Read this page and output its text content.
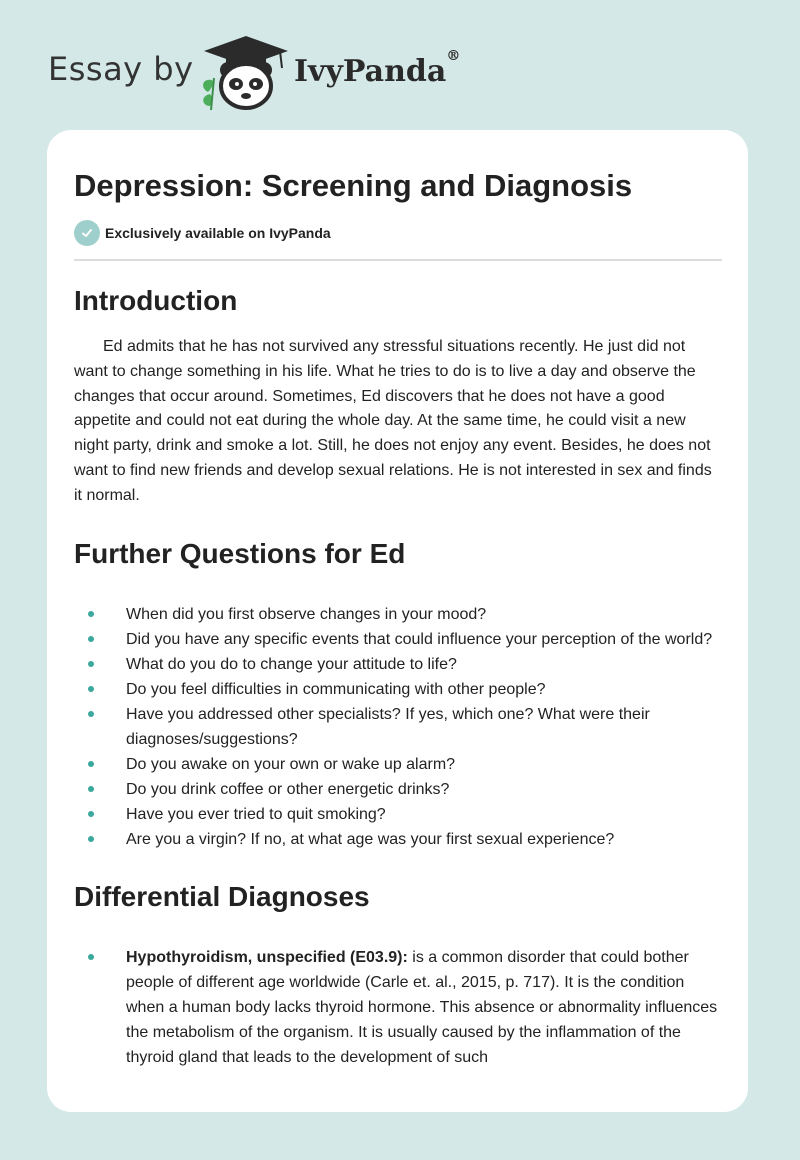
Essay by	IvyPanda®
Depression: Screening and Diagnosis
Exclusively available on IvyPanda
Introduction

Ed admits that he has not survived any stressful situations recently. He just did not want to change something in his life. What he tries to do is to live a day and observe the changes that occur around. Sometimes, Ed discovers that he does not have a good appetite and could not eat during the whole day. At the same time, he could visit a new night party, drink and smoke a lot. Still, he does not enjoy any event. Besides, he does not want to find new friends and develop sexual relations. He is not interested in sex and finds it normal.

Further Questions for Ed
When did you first observe changes in your mood?
Did you have any specific events that could influence your perception of the world?
What do you do to change your attitude to life?
Do you feel difficulties in communicating with other people?
Have you addressed other specialists? If yes, which one? What were their diagnoses/suggestions?
Do you awake on your own or wake up alarm?
Do you drink coffee or other energetic drinks?
Have you ever tried to quit smoking?
Are you a virgin? If no, at what age was your first sexual experience?
Differential Diagnoses
Hypothyroidism, unspecified (E03.9): is a common disorder that could bother people of different age worldwide (Carle et. al., 2015, p. 717). It is the condition when a human body lacks thyroid hormone. This absence or abnormality influences the metabolism of the organism. It is usually caused by the inflammation of the thyroid gland that leads to the development of such
